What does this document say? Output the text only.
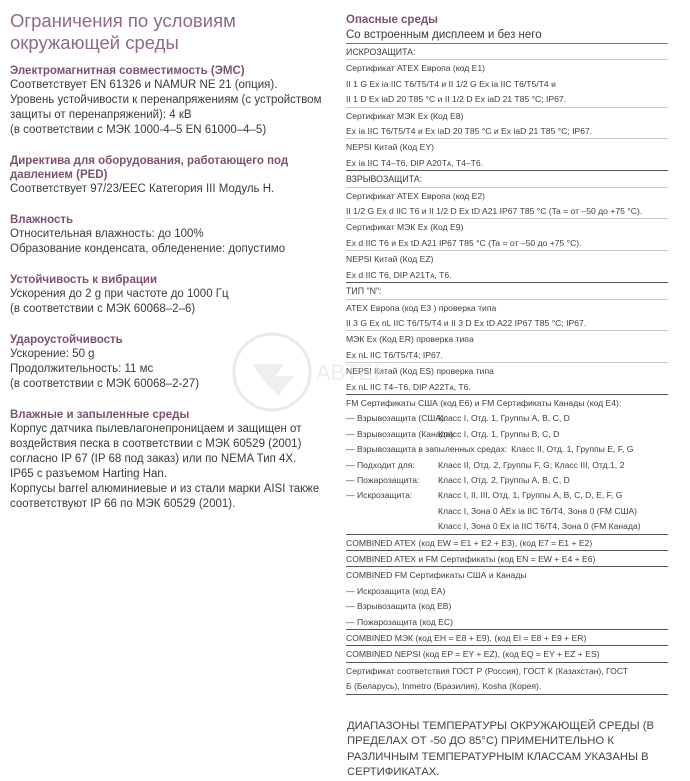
Ограничения по условиям
окружающей среды
Электромагнитная совместимость (ЭМС)
Соответствует EN 61326 и NAMUR NE 21 (опция).
Уровень устойчивости к перенапряжениям (с устройством
защиты от перенапряжений): 4 кВ
(в соответствии с МЭК 1000-4–5 EN 61000–4–5)
Директива для оборудования, работающего под
давлением (PED)
Соответствует 97/23/EEC Категория III Модуль H.
Влажность
Относительная влажность: до 100%
Образование конденсата, обледенение: допустимо
Устойчивость к вибрации
Ускорения до 2 g при частоте до 1000 Гц
(в соответствии с МЭК 60068–2–6)
Удароустойчивость
Ускорение: 50 g
Продолжительность: 11 мс
(в соответствии с МЭК 60068–2-27)
Влажные и запыленные среды
Корпус датчика пылевлагонепроницаем и защищен от
воздействия песка в соответствии с МЭК 60529 (2001)
согласно IP 67 (IP 68 под заказ) или по NEMA Тип 4X.
IP65 с разъемом Harting Han.
Корпусы barrel алюминиевые и из стали марки AISI также
соответствуют IP 66 по МЭК 60529 (2001).
Опасные среды
Со встроенным дисплеем и без него
ИСКРОЗАЩИТА:
Сертификат ATEX Европа (код E1)
II 1 G Ex ia IIC T6/T5/T4 и II 1/2 G Ex ia IIC T6/T5/T4 и
II 1 D Ex iaD 20 T85 °C и II 1/2 D Ex iaD 21 T85 °C; IP67.
Сертификат МЭК Ex (Код E8)
Ex ia IIC T6/T5/T4 и Ex iaD 20 T85 °C и Ex iaD 21 T85 °C; IP67.
NEPSI Китай (Код EY)
Ex ia IIC T4–T6, DIP A20Tᴀ, T4–T6.
ВЗРЫВОЗАЩИТА:
Сертификат ATEX Европа (код E2)
II 1/2 G Ex d IIC T6 и II 1/2 D Ex tD A21 IP67 T85 °C (Ta = от –50 до +75 °C).
Сертификат МЭК Ex (Код E9)
Ex d IIC T6 и Ex tD A21 IP67 T85 °C (Ta = от –50 до +75 °C).
NEPSI Китай (Код EZ)
Ex d IIC T6, DIP A21Tᴀ, T6.
ТИП "N":
ATEX Европа (код E3 ) проверка типа
II 3 G Ex nL IIC T6/T5/T4 и II 3 D Ex tD A22 IP67 T85 °C; IP67.
МЭК Ex (Код ER) проверка типа
Ex nL IIC T6/T5/T4; IP67.
NEPSI Китай (Код ES) проверка типа
Ex nL IIC T4–T6, DIP A22Tᴀ, T6.
FM Сертификаты США (код E6) и FM Сертификаты Канады (код E4):
— Взрывозащита (США):Класс I, Отд. 1, Группы A, B, C, D
— Взрывозащита (Канада):Класс I, Отд. 1, Группы B, C, D
— Взрывозащита в запыленных средах: Класс II, Отд. 1, Группы E, F, G
— Подходит для:	Класс II, Отд. 2, Группы F, G; Класс III, Отд.1, 2
— Пожарозащита: Класс I, Отд. 2, Группы A, B, C, D
— Искрозащита:	Класс I, II, III, Отд. 1, Группы A, B, C, D, E, F, G
Класс I, Зона 0 AEx ia IIC T6/T4, Зона 0 (FM США)
Класс I, Зона 0 Ex ia IIC T6/T4, Зона 0 (FM Канада)
COMBINED ATEX (код EW = E1 + E2 + E3), (код E7 = E1 + E2)
COMBINED ATEX и FM Сертификаты (код EN = EW + E4 + E6)
COMBINED FM Сертификаты США и Канады
— Искрозащита (код EA)
— Взрывозащита (код EB)
— Пожарозащита (код EC)
COMBINED МЭК (код EH = E8 + E9), (код EI = E8 + E9 + ER)
COMBINED NEPSI (код EP = EY + EZ), (код EQ = EY + EZ + ES)
Сертификат соответствия ГОСТ Р (Россия), ГОСТ К (Казахстан), ГОСТ
Б (Беларусь), Inmetro (Бразилия), Kosha (Корея).
ДИАПАЗОНЫ ТЕМПЕРАТУРЫ ОКРУЖАЮЩЕЙ СРЕДЫ (В
ПРЕДЕЛАХ ОТ -50 ДО 85°C) ПРИМЕНИТЕЛЬНО К
РАЗЛИЧНЫМ ТЕМПЕРАТУРНЫМ КЛАССАМ УКАЗАНЫ В
СЕРТИФИКАТАХ.
ABTEK
